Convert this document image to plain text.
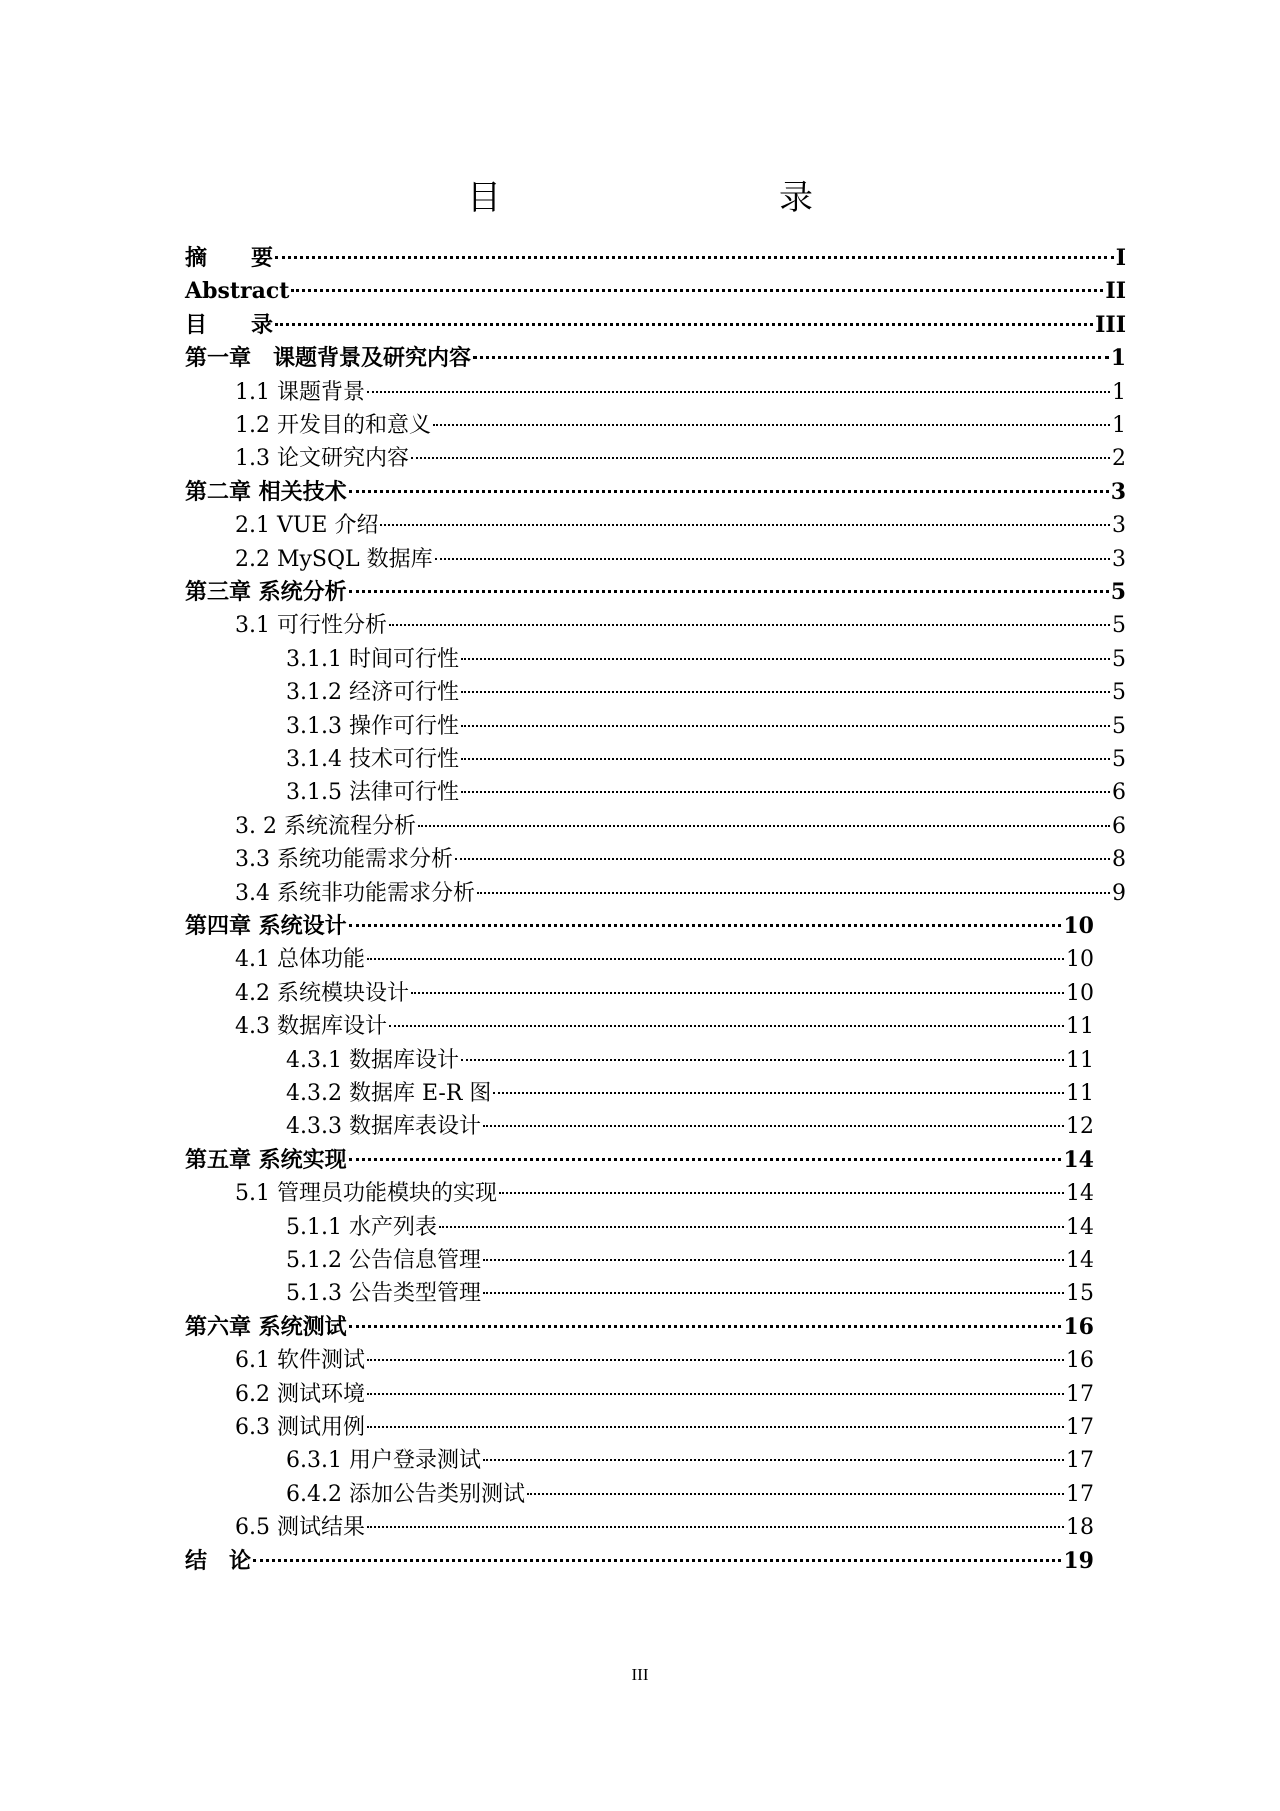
目　　录
摘　　要	I
Abstract	II
目　　录	III
第一章　课题背景及研究内容	1
1.1 课题背景	1
1.2 开发目的和意义	1
1.3 论文研究内容	2
第二章 相关技术	3
2.1 VUE 介绍	3
2.2 MySQL 数据库	3
第三章 系统分析	5
3.1 可行性分析	5
3.1.1 时间可行性	5
3.1.2 经济可行性	5
3.1.3 操作可行性	5
3.1.4 技术可行性	5
3.1.5 法律可行性	6
3. 2 系统流程分析	6
3.3 系统功能需求分析	8
3.4 系统非功能需求分析	9
第四章 系统设计	10
4.1 总体功能	10
4.2 系统模块设计	10
4.3 数据库设计	11
4.3.1 数据库设计	11
4.3.2 数据库 E-R 图	11
4.3.3 数据库表设计	12
第五章 系统实现	14
5.1 管理员功能模块的实现	14
5.1.1 水产列表	14
5.1.2 公告信息管理	14
5.1.3 公告类型管理	15
第六章 系统测试	16
6.1 软件测试	16
6.2 测试环境	17
6.3 测试用例	17
6.3.1 用户登录测试	17
6.4.2 添加公告类别测试	17
6.5 测试结果	18
结　论	19
III
